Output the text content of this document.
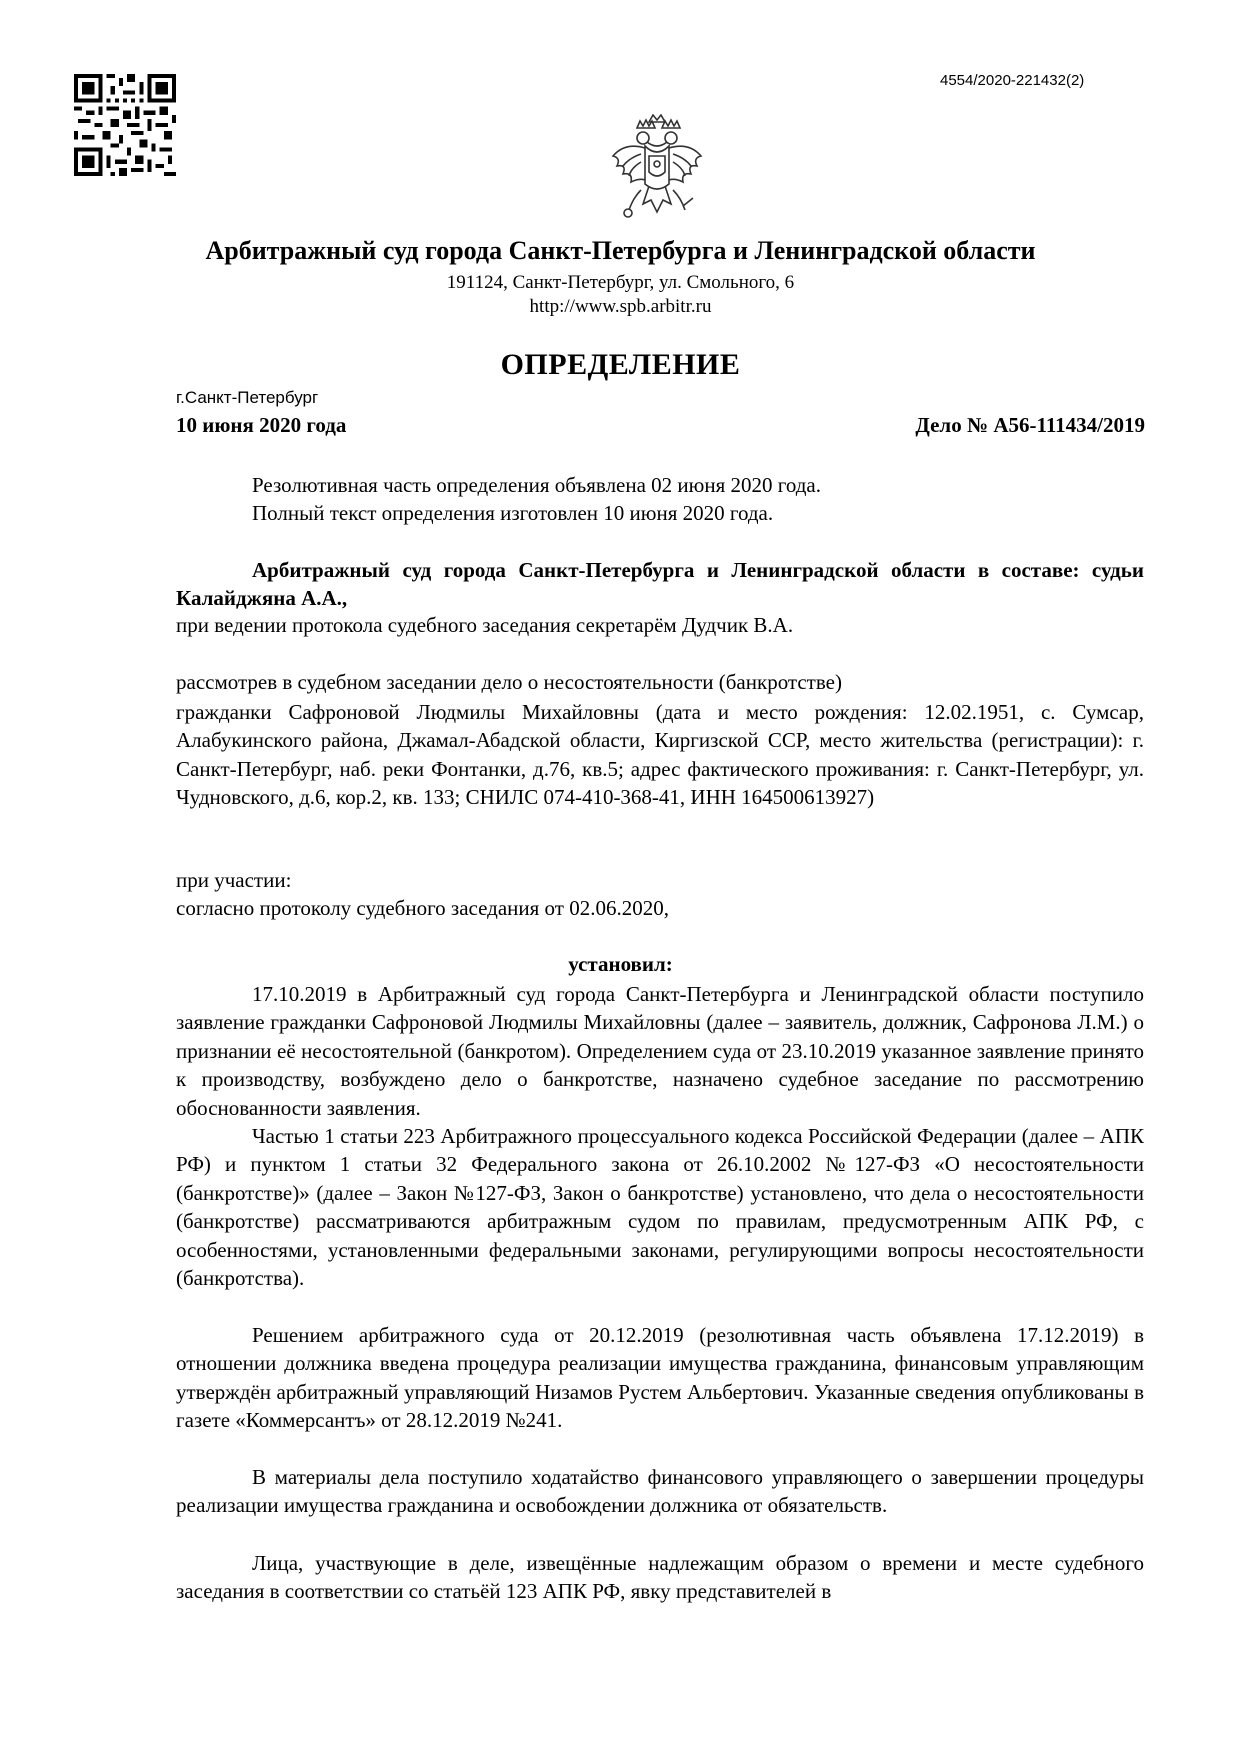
4554/2020-221432(2)
Арбитражный суд города Санкт-Петербурга и Ленинградской области
191124, Санкт-Петербург, ул. Смольного, 6
http://www.spb.arbitr.ru
ОПРЕДЕЛЕНИЕ
г.Санкт-Петербург
10 июня 2020 года	Дело № А56-111434/2019
Резолютивная часть определения объявлена 02 июня 2020 года.
Полный текст определения изготовлен 10 июня 2020 года.
Арбитражный суд города Санкт-Петербурга и Ленинградской области в составе: судьи Калайджяна А.А.,
при ведении протокола судебного заседания секретарём Дудчик В.А.
рассмотрев в судебном заседании дело о несостоятельности (банкротстве)
гражданки Сафроновой Людмилы Михайловны (дата и место рождения: 12.02.1951, с. Сумсар, Алабукинского района, Джамал-Абадской области, Киргизской ССР, место жительства (регистрации): г. Санкт-Петербург, наб. реки Фонтанки, д.76, кв.5; адрес фактического проживания: г. Санкт-Петербург, ул. Чудновского, д.6, кор.2, кв. 133; СНИЛС 074-410-368-41, ИНН 164500613927)
при участии:
согласно протоколу судебного заседания от 02.06.2020,
установил:
17.10.2019 в Арбитражный суд города Санкт-Петербурга и Ленинградской области поступило заявление гражданки Сафроновой Людмилы Михайловны (далее – заявитель, должник, Сафронова Л.М.) о признании её несостоятельной (банкротом). Определением суда от 23.10.2019 указанное заявление принято к производству, возбуждено дело о банкротстве, назначено судебное заседание по рассмотрению обоснованности заявления.
Частью 1 статьи 223 Арбитражного процессуального кодекса Российской Федерации (далее – АПК РФ) и пунктом 1 статьи 32 Федерального закона от 26.10.2002 №127-ФЗ «О несостоятельности (банкротстве)» (далее – Закон №127-ФЗ, Закон о банкротстве) установлено, что дела о несостоятельности (банкротстве) рассматриваются арбитражным судом по правилам, предусмотренным АПК РФ, с особенностями, установленными федеральными законами, регулирующими вопросы несостоятельности (банкротства).
Решением арбитражного суда от 20.12.2019 (резолютивная часть объявлена 17.12.2019) в отношении должника введена процедура реализации имущества гражданина, финансовым управляющим утверждён арбитражный управляющий Низамов Рустем Альбертович. Указанные сведения опубликованы в газете «Коммерсантъ» от 28.12.2019 №241.
В материалы дела поступило ходатайство финансового управляющего о завершении процедуры реализации имущества гражданина и освобождении должника от обязательств.
Лица, участвующие в деле, извещённые надлежащим образом о времени и месте судебного заседания в соответствии со статьёй 123 АПК РФ, явку представителей в
